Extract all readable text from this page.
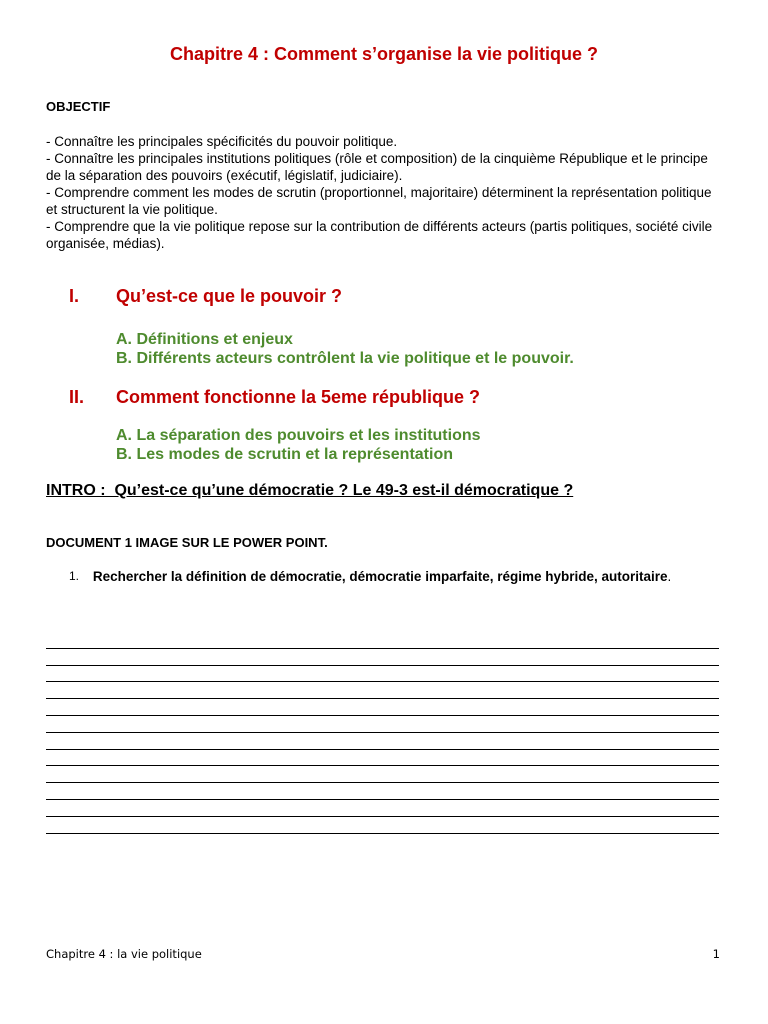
Chapitre 4 : Comment s’organise la vie politique ?
OBJECTIF

- Connaître les principales spécificités du pouvoir politique.

- Connaître les principales institutions politiques (rôle et composition) de la cinquième République et le principe de la séparation des pouvoirs (exécutif, législatif, judiciaire).

- Comprendre comment les modes de scrutin (proportionnel, majoritaire) déterminent la représentation politique et structurent la vie politique.

- Comprendre que la vie politique repose sur la contribution de différents acteurs (partis politiques, société civile organisée, médias).

I.	Qu’est-ce que le pouvoir ?
A. Définitions et enjeux
B. Différents acteurs contrôlent la vie politique et le pouvoir.
II.	Comment fonctionne la 5eme république ?
A. La séparation des pouvoirs et les institutions
B. Les modes de scrutin et la représentation
INTRO :  Qu’est-ce qu’une démocratie ? Le 49-3 est-il démocratique ?
DOCUMENT 1 IMAGE SUR LE POWER POINT.
1.	Rechercher la définition de démocratie, démocratie imparfaite, régime hybride, autoritaire.
Chapitre 4 : la vie politique	1
